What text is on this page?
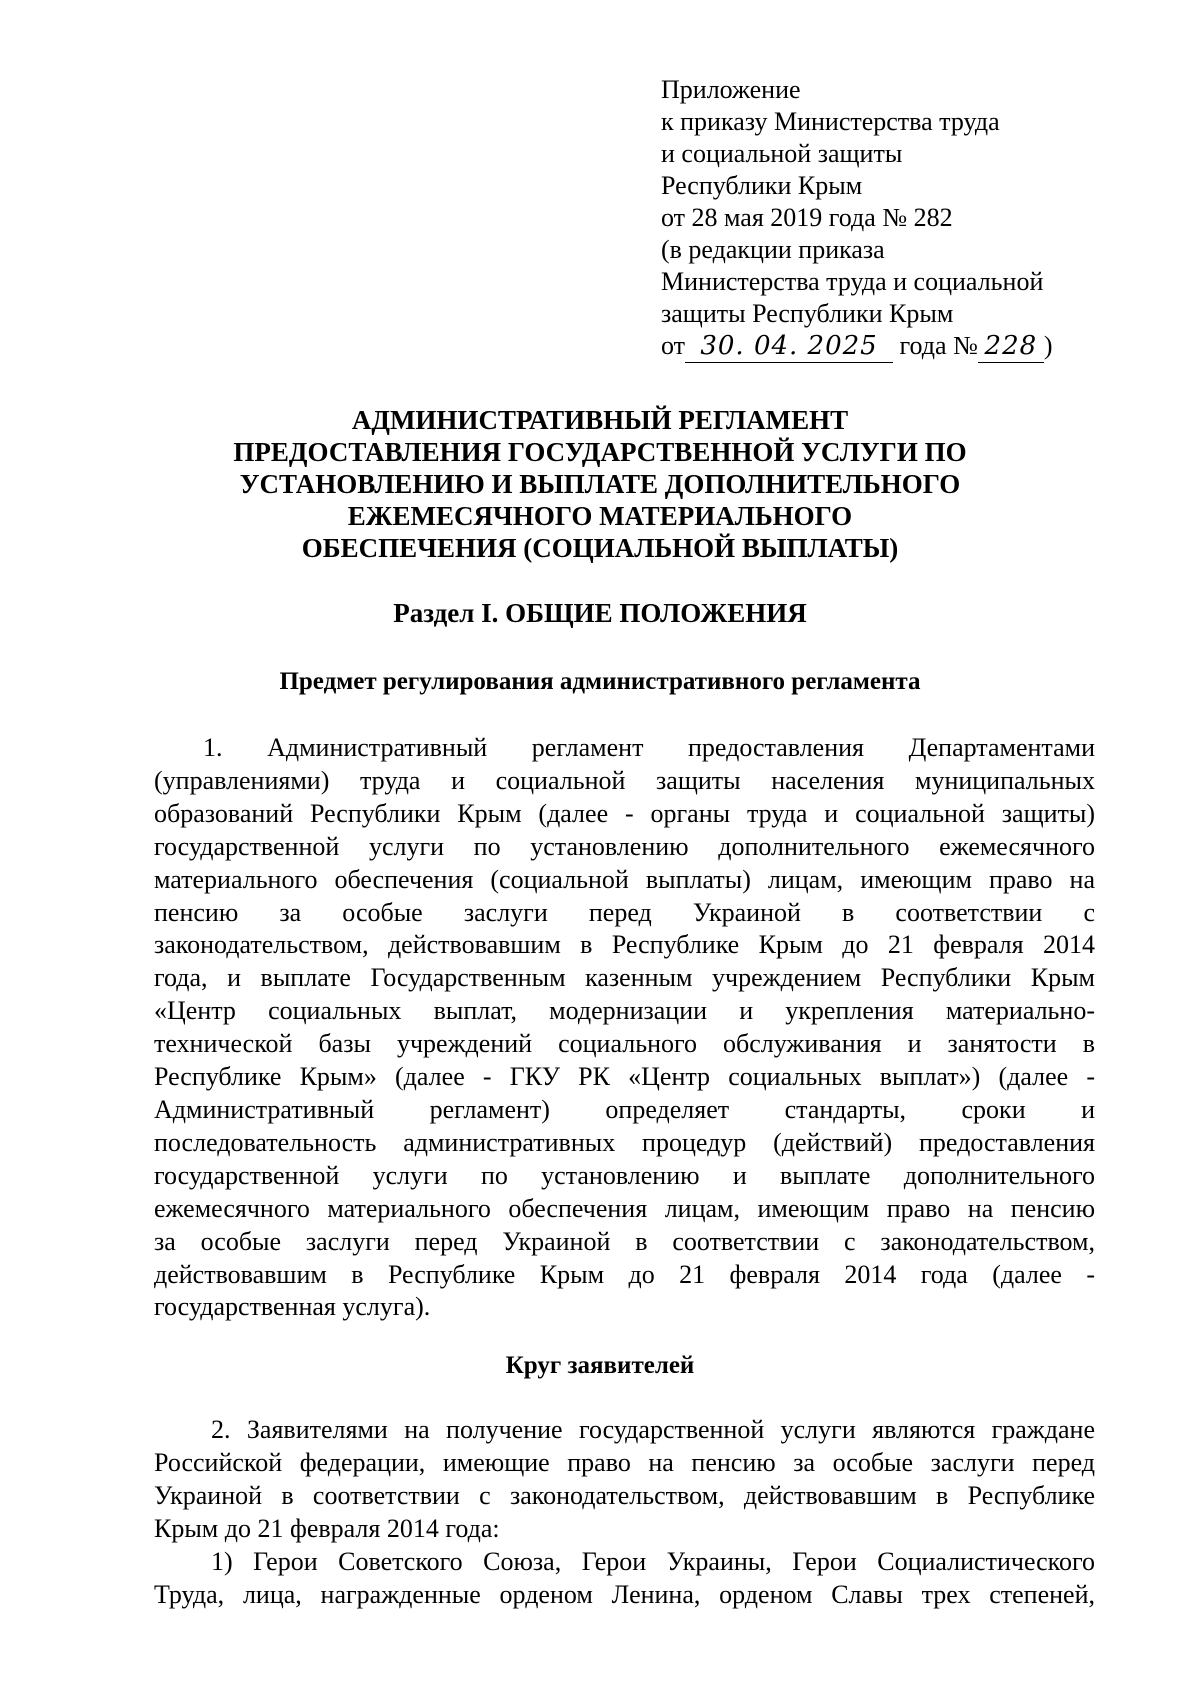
Приложение
к приказу Министерства труда
и социальной защиты
Республики Крым
от 28 мая 2019 года № 282
(в редакции приказа
Министерства труда и социальной
защиты Республики Крым
от 30. 04. 2025 года № 228 )
АДМИНИСТРАТИВНЫЙ РЕГЛАМЕНТ
ПРЕДОСТАВЛЕНИЯ ГОСУДАРСТВЕННОЙ УСЛУГИ ПО
УСТАНОВЛЕНИЮ И ВЫПЛАТЕ ДОПОЛНИТЕЛЬНОГО
ЕЖЕМЕСЯЧНОГО МАТЕРИАЛЬНОГО
ОБЕСПЕЧЕНИЯ (СОЦИАЛЬНОЙ ВЫПЛАТЫ)
Раздел I. ОБЩИЕ ПОЛОЖЕНИЯ
Предмет регулирования административного регламента
1. Административный регламент предоставления Департаментами
(управлениями) труда и социальной защиты населения муниципальных
образований Республики Крым (далее - органы труда и социальной защиты)
государственной услуги по установлению дополнительного ежемесячного
материального обеспечения (социальной выплаты) лицам, имеющим право на
пенсию за особые заслуги перед Украиной в соответствии с
законодательством, действовавшим в Республике Крым до 21 февраля 2014
года, и выплате Государственным казенным учреждением Республики Крым
«Центр социальных выплат, модернизации и укрепления материально-
технической базы учреждений социального обслуживания и занятости в
Республике Крым» (далее - ГКУ РК «Центр социальных выплат») (далее -
Административный регламент) определяет стандарты, сроки и
последовательность административных процедур (действий) предоставления
государственной услуги по установлению и выплате дополнительного
ежемесячного материального обеспечения лицам, имеющим право на пенсию
за особые заслуги перед Украиной в соответствии с законодательством,
действовавшим в Республике Крым до 21 февраля 2014 года (далее -
государственная услуга).
Круг заявителей
2. Заявителями на получение государственной услуги являются граждане
Российской федерации, имеющие право на пенсию за особые заслуги перед
Украиной в соответствии с законодательством, действовавшим в Республике
Крым до 21 февраля 2014 года:
1) Герои Советского Союза, Герои Украины, Герои Социалистического
Труда, лица, награжденные орденом Ленина, орденом Славы трех степеней,
